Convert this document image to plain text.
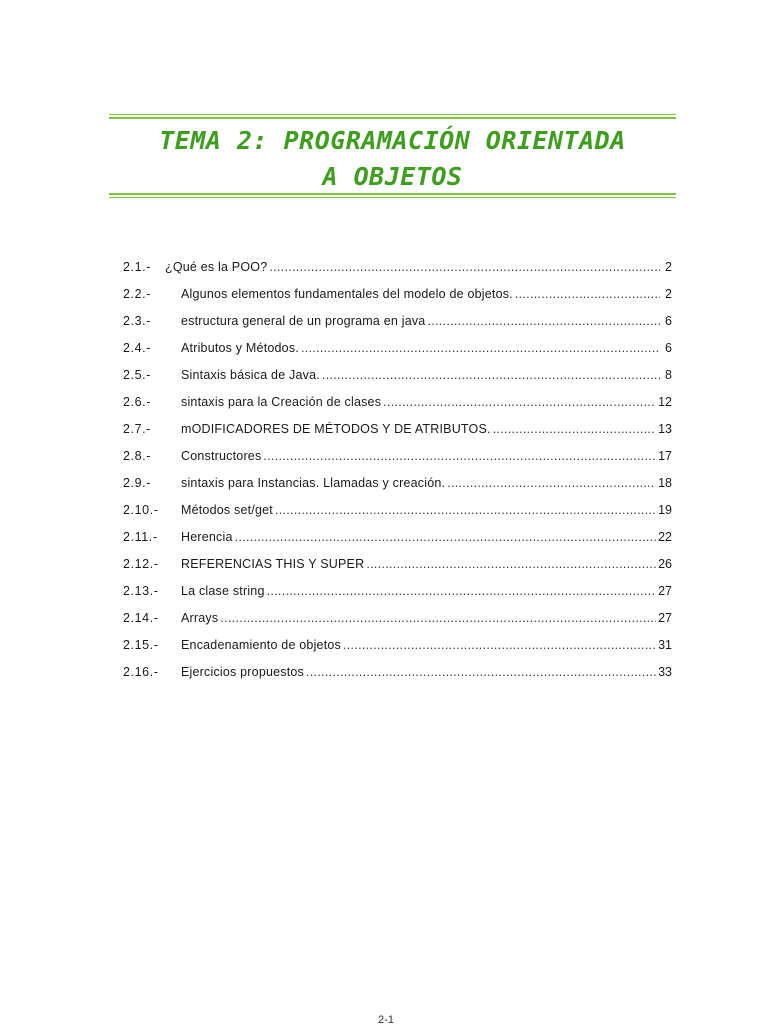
TEMA 2: PROGRAMACIÓN ORIENTADA
A OBJETOS
2.1.-	¿Qué es la POO? .....	2
2.2.-	Algunos elementos fundamentales del modelo de objetos. .....	2
2.3.-	estructura general de un programa en java .....	6
2.4.-	Atributos y Métodos. .....	6
2.5.-	Sintaxis básica de Java. .....	8
2.6.-	sintaxis para la Creación de clases .....	12
2.7.-	mODIFICADORES DE MÉTODOS Y DE ATRIBUTOS. .....	13
2.8.-	Constructores .....	17
2.9.-	sintaxis para Instancias. Llamadas y creación. .....	18
2.10.-	Métodos set/get .....	19
2.11.-	Herencia .....	22
2.12.-	REFERENCIAS THIS Y SUPER .....	26
2.13.-	La clase string .....	27
2.14.-	Arrays .....	27
2.15.-	Encadenamiento de objetos .....	31
2.16.-	Ejercicios propuestos .....	33
2-1
